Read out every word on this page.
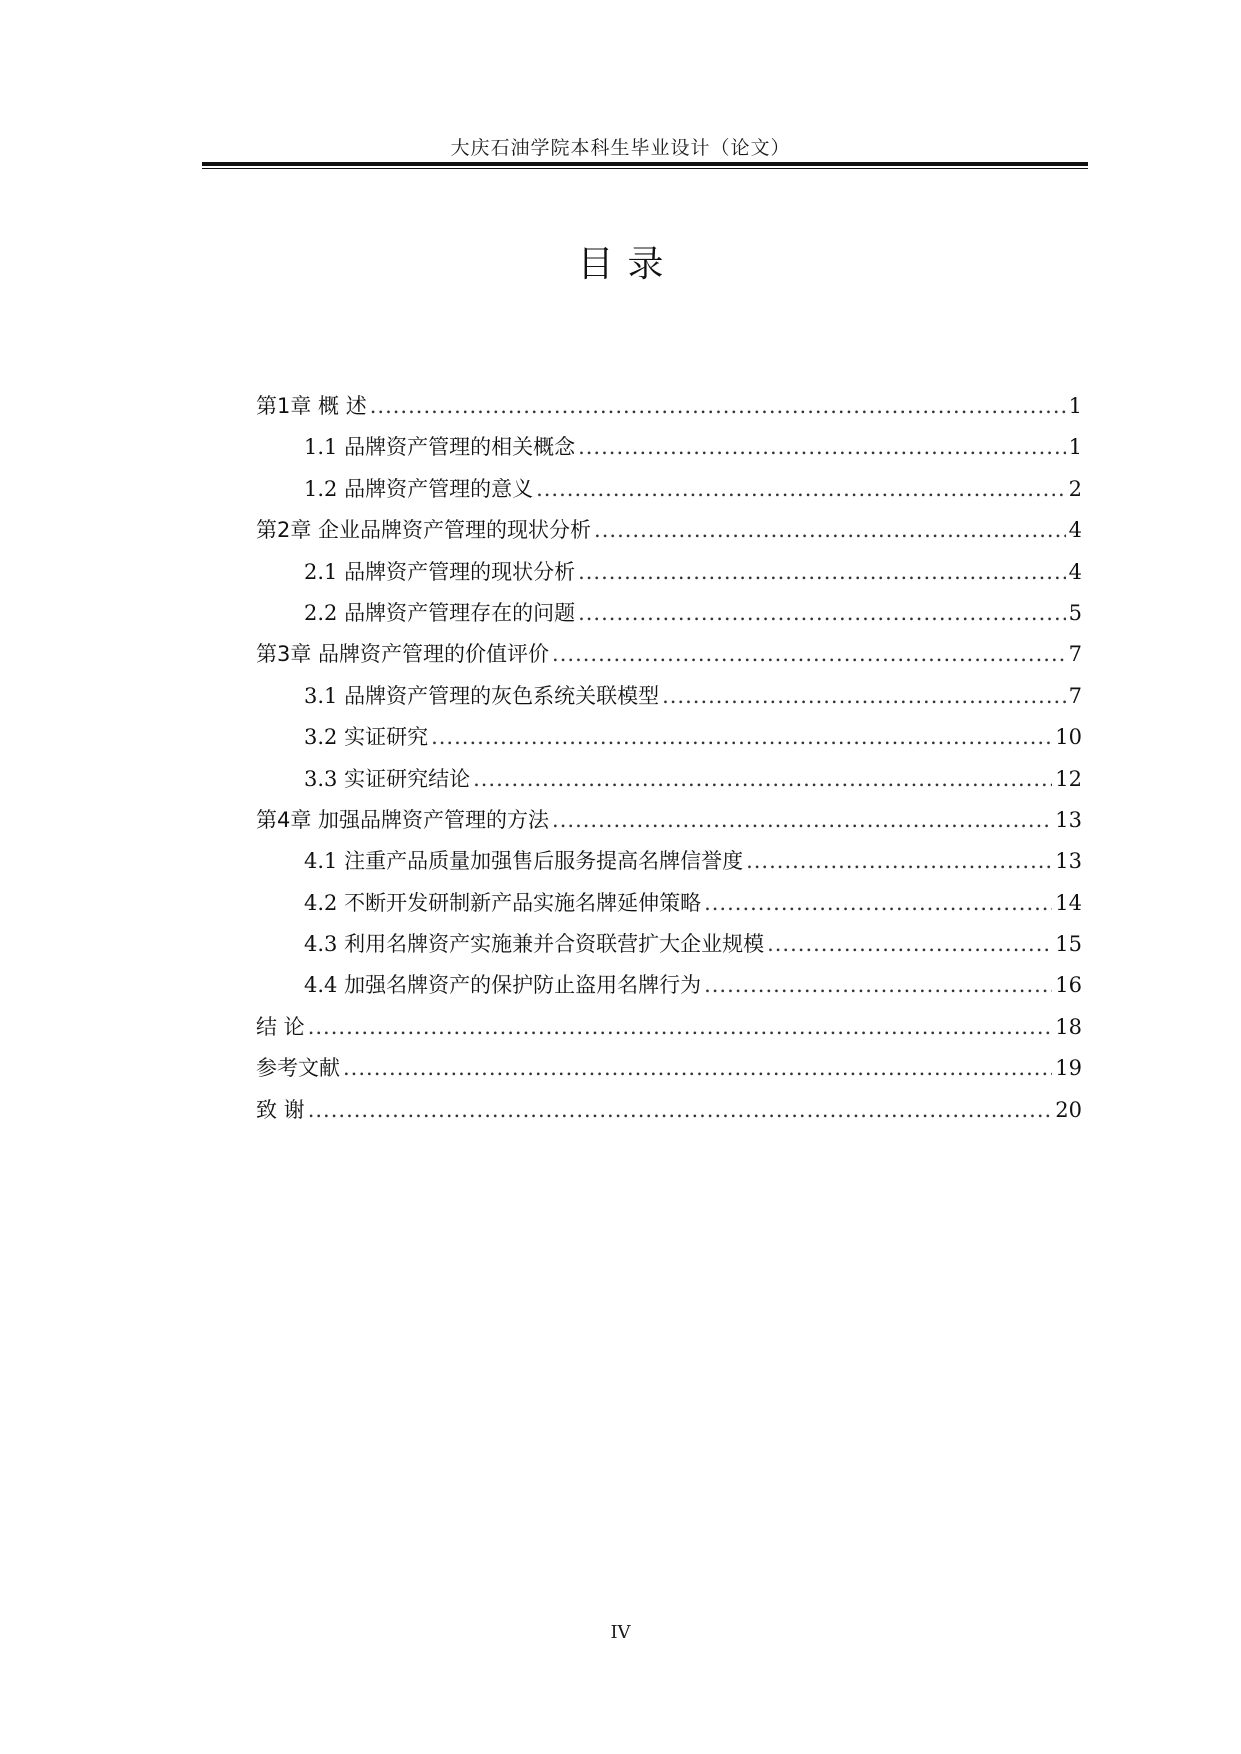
大庆石油学院本科生毕业设计（论文）
目录
第1章 概 述 .....	1
1.1 品牌资产管理的相关概念 .....	1
1.2 品牌资产管理的意义 .....	2
第2章 企业品牌资产管理的现状分析 .....	4
2.1 品牌资产管理的现状分析 .....	4
2.2 品牌资产管理存在的问题 .....	5
第3章 品牌资产管理的价值评价 .....	7
3.1 品牌资产管理的灰色系统关联模型 .....	7
3.2 实证研究 .....	10
3.3 实证研究结论 .....	12
第4章 加强品牌资产管理的方法 .....	13
4.1 注重产品质量加强售后服务提高名牌信誉度 .....	13
4.2 不断开发研制新产品实施名牌延伸策略 .....	14
4.3 利用名牌资产实施兼并合资联营扩大企业规模 .....	15
4.4 加强名牌资产的保护防止盗用名牌行为 .....	16
结 论 .....	18
参考文献 .....	19
致 谢 .....	20
IV
